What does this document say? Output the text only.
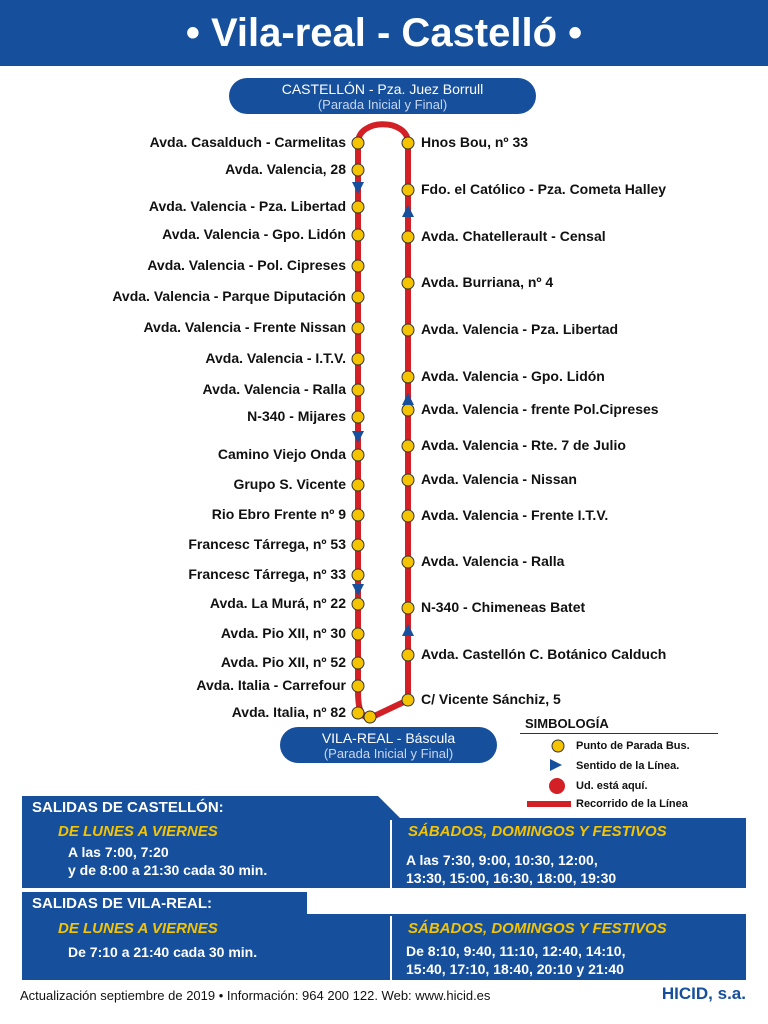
• Vila-real - Castelló •
CASTELLÓN - Pza. Juez Borrull
(Parada Inicial y Final)
Avda. Casalduch - Carmelitas
Avda. Valencia, 28
Avda. Valencia - Pza. Libertad
Avda. Valencia - Gpo. Lidón
Avda. Valencia - Pol. Cipreses
Avda. Valencia - Parque Diputación
Avda. Valencia - Frente Nissan
Avda. Valencia - I.T.V.
Avda. Valencia - Ralla
N-340 - Mijares
Camino Viejo Onda
Grupo S. Vicente
Rio Ebro Frente nº 9
Francesc Tárrega, nº 53
Francesc Tárrega, nº 33
Avda. La Murá, nº 22
Avda. Pio XII, nº 30
Avda. Pio XII, nº 52
Avda. Italia - Carrefour
Avda. Italia, nº 82
Hnos Bou, nº 33
Fdo. el Católico - Pza. Cometa Halley
Avda. Chatellerault - Censal
Avda. Burriana, nº 4
Avda. Valencia - Pza. Libertad
Avda. Valencia - Gpo. Lidón
Avda. Valencia - frente Pol.Cipreses
Avda. Valencia - Rte. 7 de Julio
Avda. Valencia - Nissan
Avda. Valencia - Frente I.T.V.
Avda. Valencia - Ralla
N-340 - Chimeneas Batet
Avda. Castellón C. Botánico Calduch
C/ Vicente Sánchiz, 5
VILA-REAL - Báscula
(Parada Inicial y Final)
SIMBOLOGÍA
Punto de Parada Bus.
Sentido de la Línea.
Ud. está aquí.
Recorrido de la Línea
SALIDAS DE CASTELLÓN:
DE LUNES A VIERNES
A las 7:00, 7:20
y de 8:00 a 21:30 cada 30 min.
SÁBADOS, DOMINGOS Y FESTIVOS
A las 7:30, 9:00, 10:30, 12:00,
13:30, 15:00, 16:30, 18:00, 19:30
y 21:00 h.
SALIDAS DE VILA-REAL:
DE LUNES A VIERNES
De 7:10 a 21:40 cada 30 min.
SÁBADOS, DOMINGOS Y FESTIVOS
De 8:10, 9:40, 11:10, 12:40, 14:10,
15:40, 17:10, 18:40, 20:10 y 21:40
Actualización septiembre de 2019 • Información: 964 200 122. Web: www.hicid.es	HICID, s.a.
